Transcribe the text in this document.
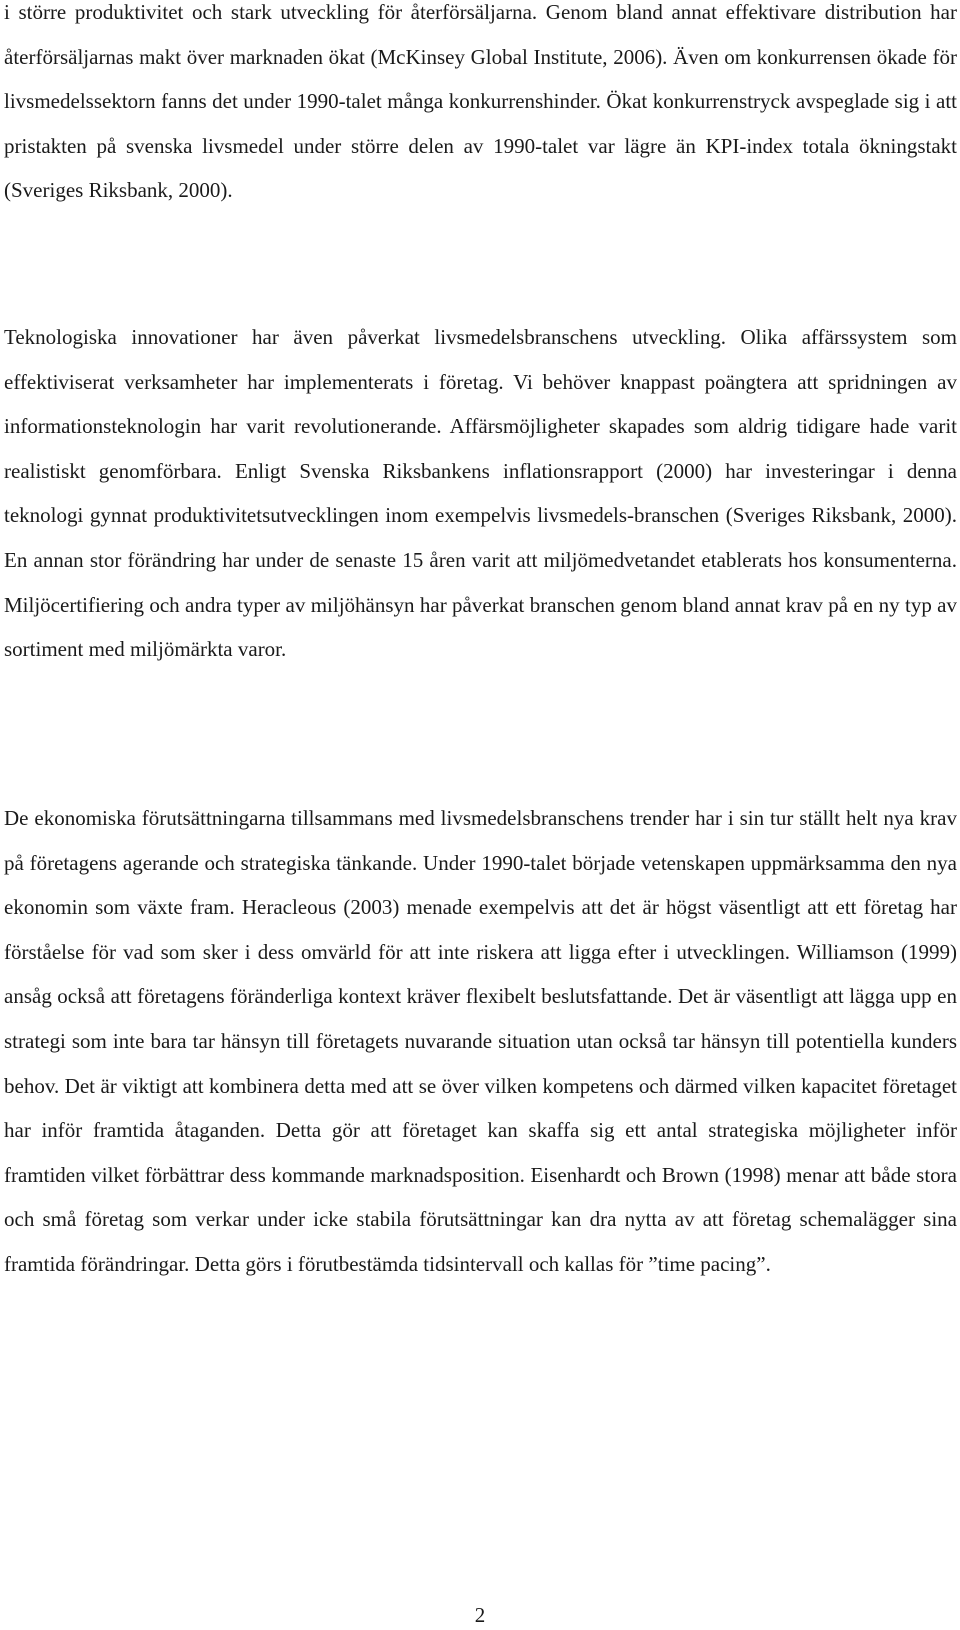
i större produktivitet och stark utveckling för återförsäljarna. Genom bland annat effektivare distribution har återförsäljarnas makt över marknaden ökat (McKinsey Global Institute, 2006). Även om konkurrensen ökade för livsmedelssektorn fanns det under 1990-talet många konkurrenshinder. Ökat konkurrenstryck avspeglade sig i att pristakten på svenska livsmedel under större delen av 1990-talet var lägre än KPI-index totala ökningstakt (Sveriges Riksbank, 2000).

Teknologiska innovationer har även påverkat livsmedelsbranschens utveckling. Olika affärssystem som effektiviserat verksamheter har implementerats i företag. Vi behöver knappast poängtera att spridningen av informationsteknologin har varit revolutionerande. Affärsmöjligheter skapades som aldrig tidigare hade varit realistiskt genomförbara. Enligt Svenska Riksbankens inflationsrapport (2000) har investeringar i denna teknologi gynnat produktivitetsutvecklingen inom exempelvis livsmedels-branschen (Sveriges Riksbank, 2000). En annan stor förändring har under de senaste 15 åren varit att miljömedvetandet etablerats hos konsumenterna. Miljöcertifiering och andra typer av miljöhänsyn har påverkat branschen genom bland annat krav på en ny typ av sortiment med miljömärkta varor.

De ekonomiska förutsättningarna tillsammans med livsmedelsbranschens trender har i sin tur ställt helt nya krav på företagens agerande och strategiska tänkande. Under 1990-talet började vetenskapen uppmärksamma den nya ekonomin som växte fram. Heracleous (2003) menade exempelvis att det är högst väsentligt att ett företag har förståelse för vad som sker i dess omvärld för att inte riskera att ligga efter i utvecklingen. Williamson (1999) ansåg också att företagens föränderliga kontext kräver flexibelt beslutsfattande. Det är väsentligt att lägga upp en strategi som inte bara tar hänsyn till företagets nuvarande situation utan också tar hänsyn till potentiella kunders behov. Det är viktigt att kombinera detta med att se över vilken kompetens och därmed vilken kapacitet företaget har inför framtida åtaganden. Detta gör att företaget kan skaffa sig ett antal strategiska möjligheter inför framtiden vilket förbättrar dess kommande marknadsposition. Eisenhardt och Brown (1998) menar att både stora och små företag som verkar under icke stabila förutsättningar kan dra nytta av att företag schemalägger sina framtida förändringar. Detta görs i förutbestämda tidsintervall och kallas för ”time pacing”.

2
